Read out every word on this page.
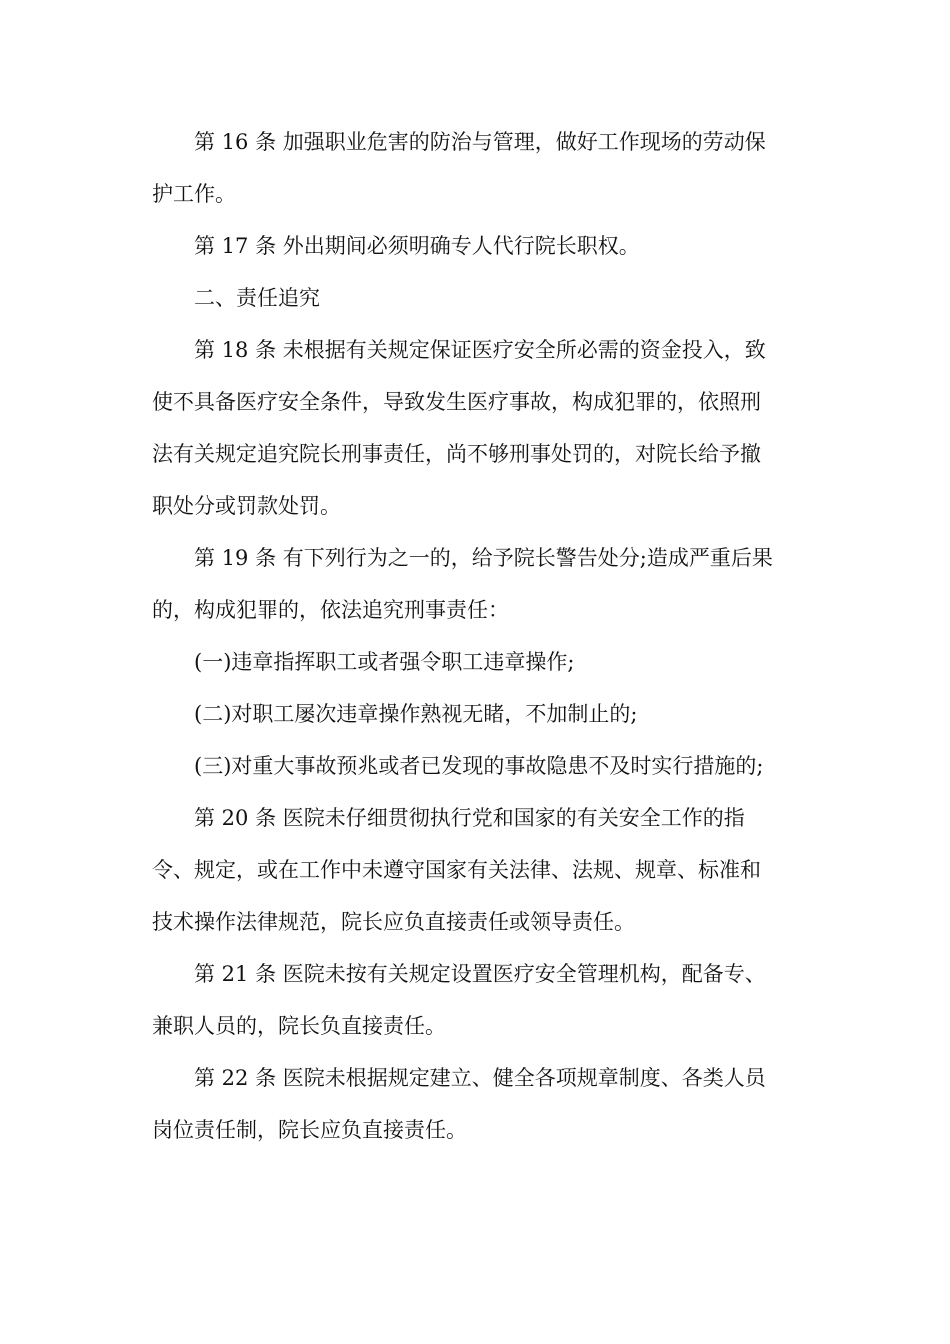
第 16 条 加强职业危害的防治与管理，做好工作现场的劳动保
护工作。
第 17 条 外出期间必须明确专人代行院长职权。
二、责任追究
第 18 条 未根据有关规定保证医疗安全所必需的资金投入，致
使不具备医疗安全条件，导致发生医疗事故，构成犯罪的，依照刑
法有关规定追究院长刑事责任，尚不够刑事处罚的，对院长给予撤
职处分或罚款处罚。
第 19 条 有下列行为之一的，给予院长警告处分;造成严重后果
的，构成犯罪的，依法追究刑事责任：
(一)违章指挥职工或者强令职工违章操作;
(二)对职工屡次违章操作熟视无睹，不加制止的;
(三)对重大事故预兆或者已发现的事故隐患不及时实行措施的;
第 20 条 医院未仔细贯彻执行党和国家的有关安全工作的指
令、规定，或在工作中未遵守国家有关法律、法规、规章、标准和
技术操作法律规范，院长应负直接责任或领导责任。
第 21 条 医院未按有关规定设置医疗安全管理机构，配备专、
兼职人员的，院长负直接责任。
第 22 条 医院未根据规定建立、健全各项规章制度、各类人员
岗位责任制，院长应负直接责任。
